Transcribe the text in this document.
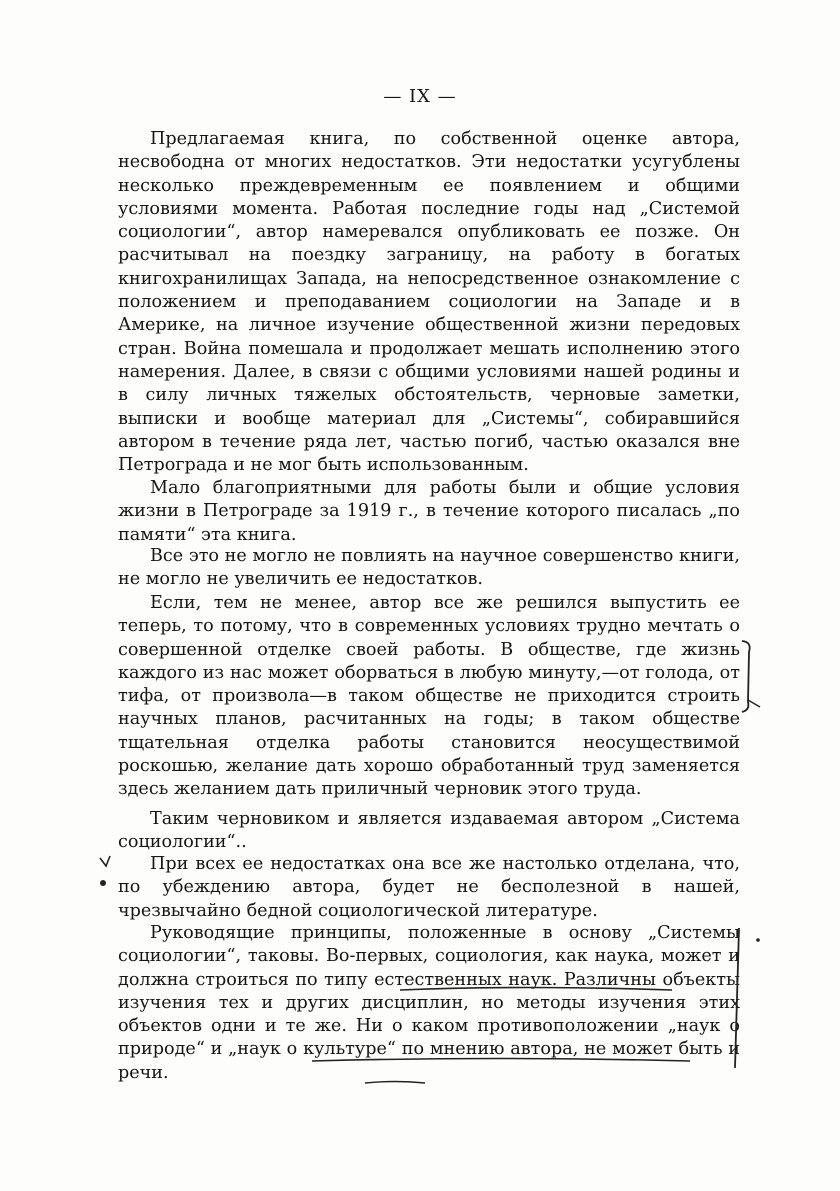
— IX —

Предлагаемая книга, по собственной оценке автора, несвободна от многих недостатков. Эти недостатки усугублены несколько преждевременным ее появлением и общими условиями момента. Работая последние годы над „Системой социологии“, автор намеревался опубликовать ее позже. Он расчитывал на поездку заграницу, на работу в богатых книгохранилищах Запада, на непосредственное ознакомление с положением и преподаванием социологии на Западе и в Америке, на личное изучение общественной жизни передовых стран. Война помешала и продолжает мешать исполнению этого намерения. Далее, в связи с общими условиями нашей родины и в силу личных тяжелых обстоятельств, черновые заметки, выписки и вообще материал для „Системы“, собиравшийся автором в течение ряда лет, частью погиб, частью оказался вне Петрограда и не мог быть использованным.

Мало благоприятными для работы были и общие условия жизни в Петрограде за 1919 г., в течение которого писалась „по памяти“ эта книга.

Все это не могло не повлиять на научное совершенство книги, не могло не увеличить ее недостатков.

Если, тем не менее, автор все же решился выпустить ее теперь, то потому, что в современных условиях трудно мечтать о совершенной отделке своей работы. В обществе, где жизнь каждого из нас может оборваться в любую минуту,—от голода, от тифа, от произвола—в таком обществе не приходится строить научных планов, расчитанных на годы; в таком обществе тщательная отделка работы становится неосуществимой роскошью, желание дать хорошо обработанный труд заменяется здесь желанием дать приличный черновик этого труда.

Таким черновиком и является издаваемая автором „Система социологии“..

При всех ее недостатках она все же настолько отделана, что, по убеждению автора, будет не бесполезной в нашей, чрезвычайно бедной социологической литературе.

Руководящие принципы, положенные в основу „Системы социологии“, таковы. Во-первых, социология, как наука, может и должна строиться по типу естественных наук. Различны объекты изучения тех и других дисциплин, но методы изучения этих объектов одни и те же. Ни о каком противоположении „наук о природе“ и „наук о культуре“ по мнению автора, не может быть и речи.
